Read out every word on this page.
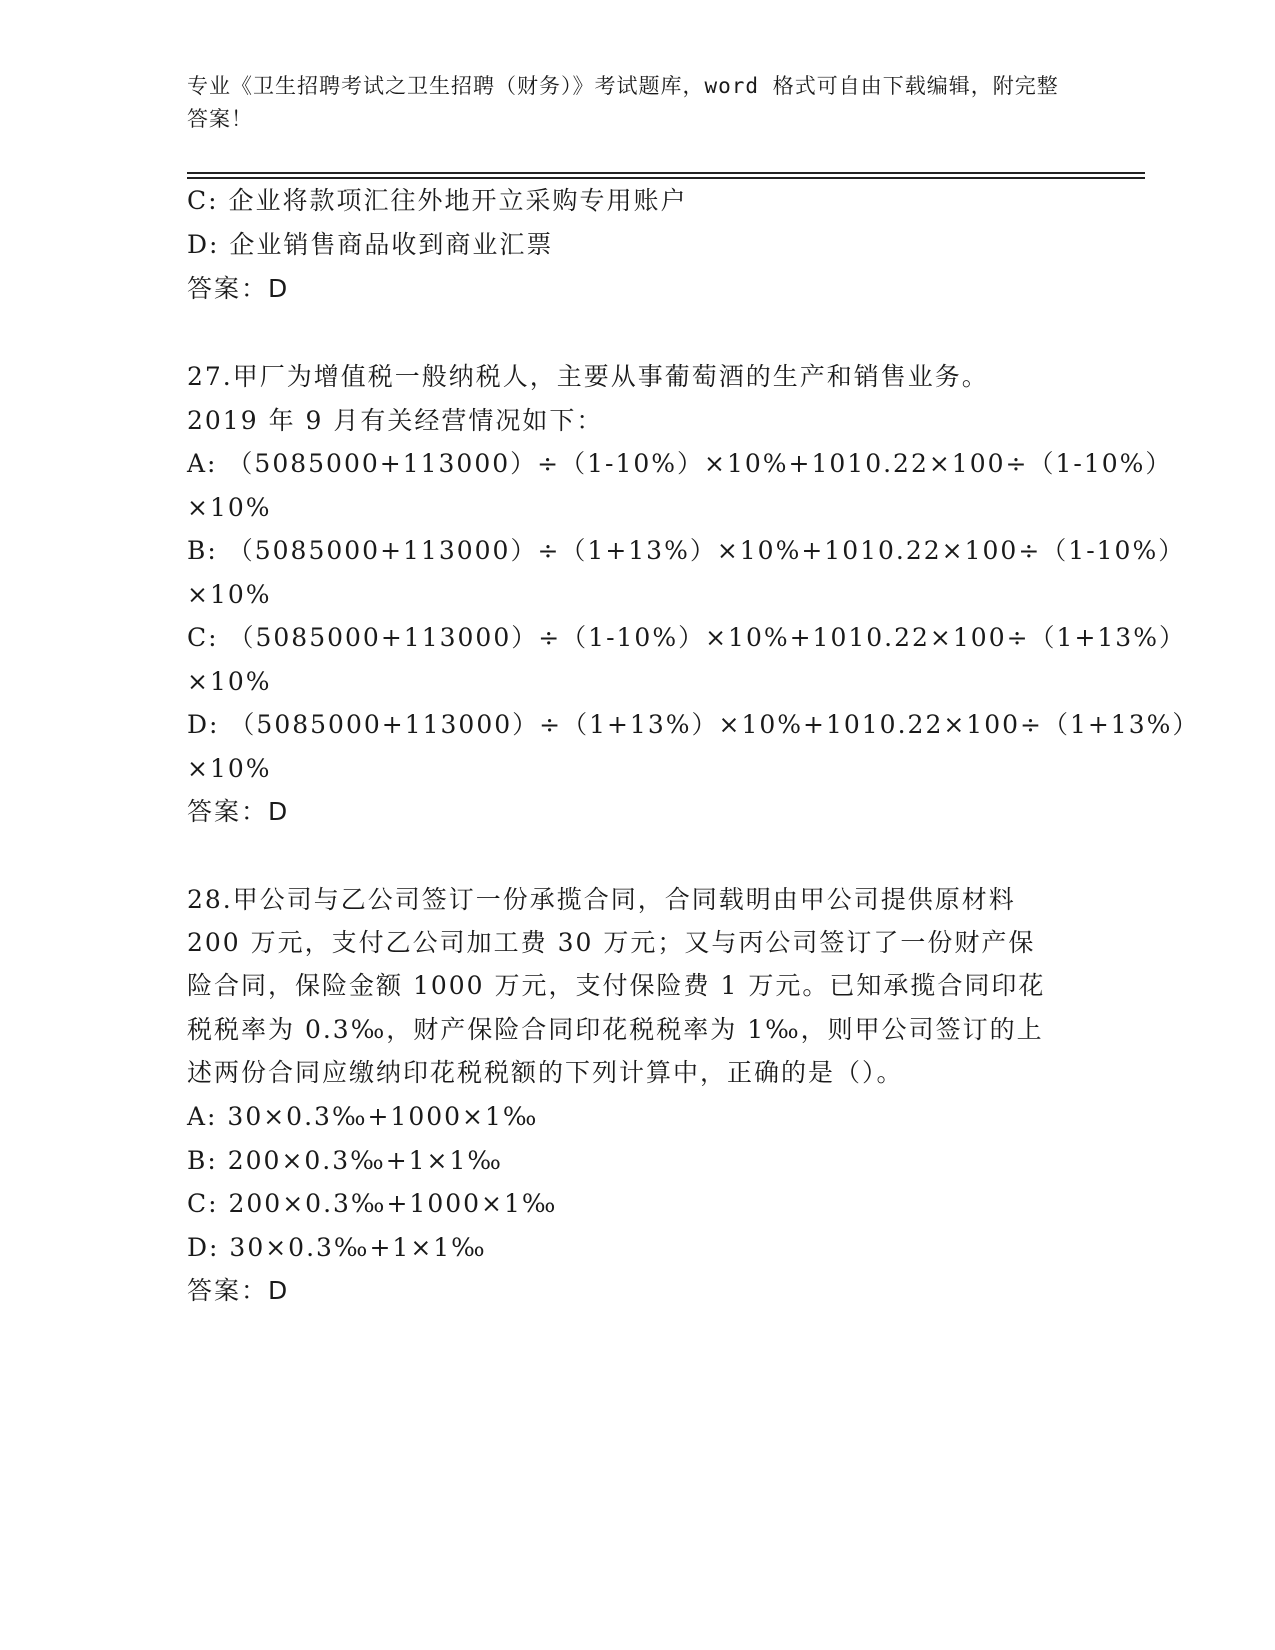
专业《卫生招聘考试之卫生招聘（财务）》考试题库，word 格式可自由下载编辑，附完整答案！
C: 企业将款项汇往外地开立采购专用账户
D: 企业销售商品收到商业汇票
答案：D
27.甲厂为增值税一般纳税人，主要从事葡萄酒的生产和销售业务。
2019 年 9 月有关经营情况如下：
A: （5085000+113000）÷（1-10%）×10%+1010.22×100÷（1-10%）
×10%
B: （5085000+113000）÷（1+13%）×10%+1010.22×100÷（1-10%）
×10%
C: （5085000+113000）÷（1-10%）×10%+1010.22×100÷（1+13%）
×10%
D: （5085000+113000）÷（1+13%）×10%+1010.22×100÷（1+13%）
×10%
答案：D
28.甲公司与乙公司签订一份承揽合同，合同载明由甲公司提供原材料
200 万元，支付乙公司加工费 30 万元；又与丙公司签订了一份财产保
险合同，保险金额 1000 万元，支付保险费 1 万元。已知承揽合同印花
税税率为 0.3‰，财产保险合同印花税税率为 1‰，则甲公司签订的上
述两份合同应缴纳印花税税额的下列计算中，正确的是（）。
A: 30×0.3‰+1000×1‰
B: 200×0.3‰+1×1‰
C: 200×0.3‰+1000×1‰
D: 30×0.3‰+1×1‰
答案：D
